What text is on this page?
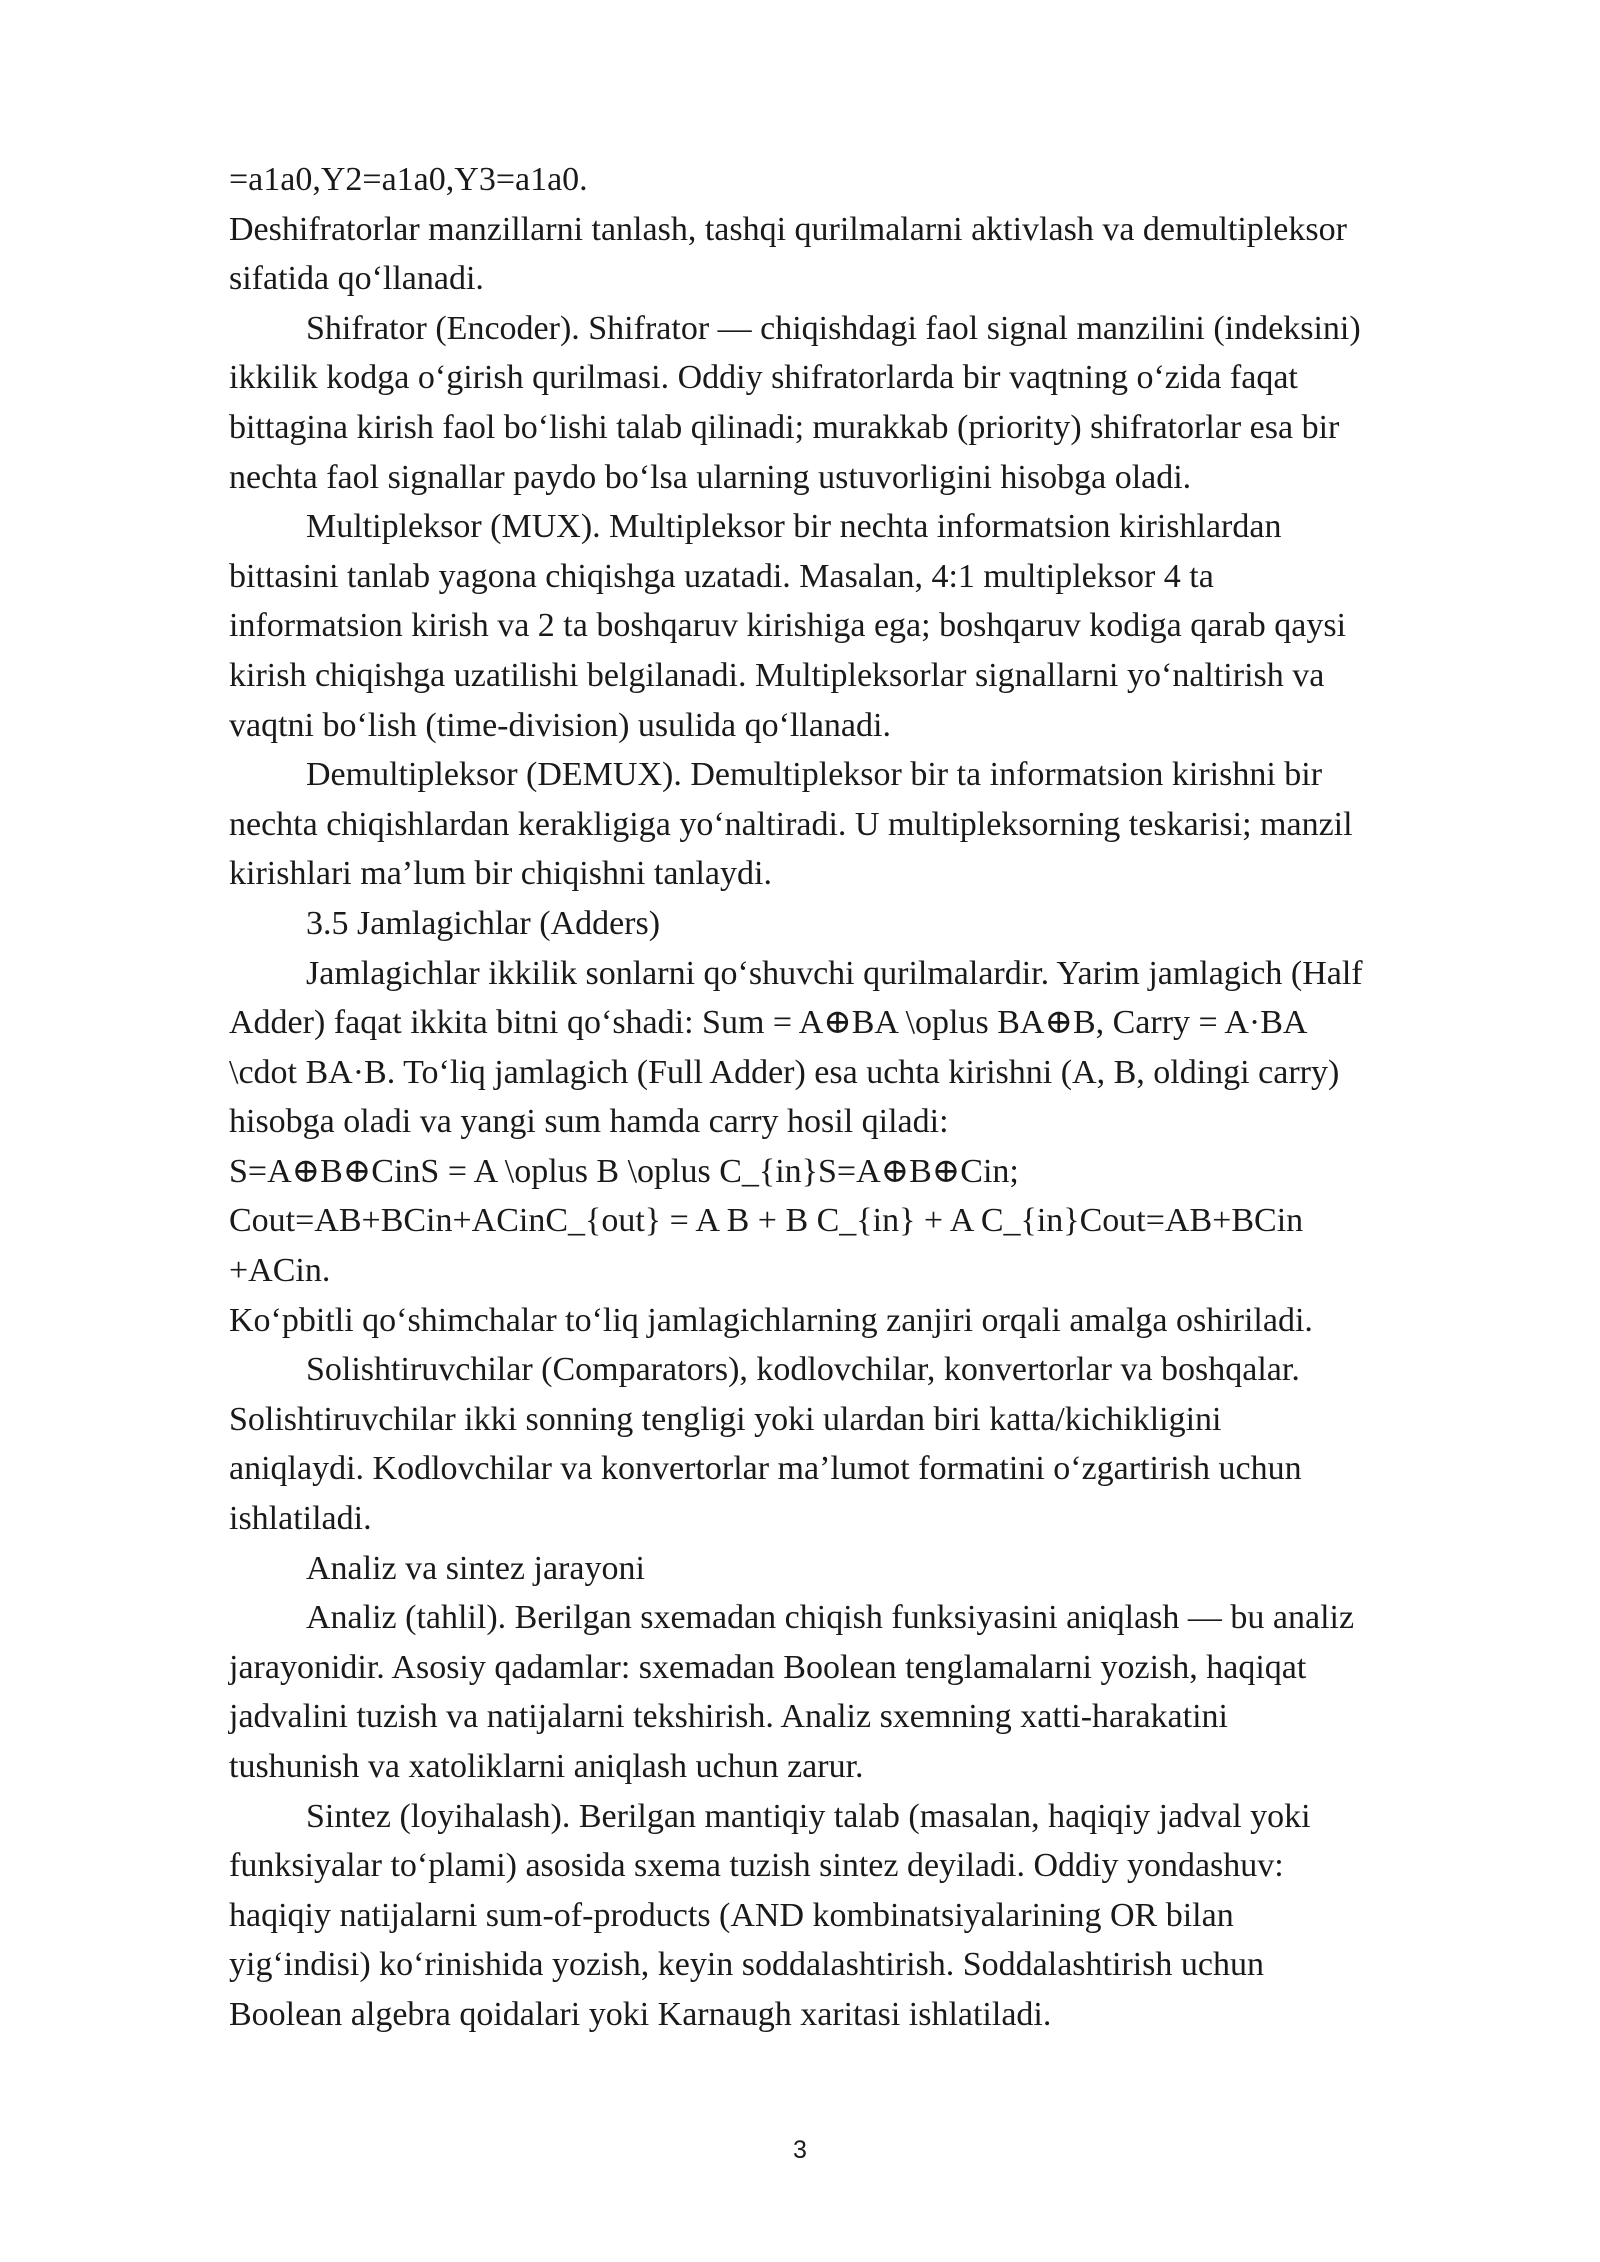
=a1a0,Y2=a1a0,Y3=a1a0.
Deshifratorlar manzillarni tanlash, tashqi qurilmalarni aktivlash va demultipleksor
sifatida qo‘llanadi.
Shifrator (Encoder). Shifrator — chiqishdagi faol signal manzilini (indeksini)
ikkilik kodga o‘girish qurilmasi. Oddiy shifratorlarda bir vaqtning o‘zida faqat
bittagina kirish faol bo‘lishi talab qilinadi; murakkab (priority) shifratorlar esa bir
nechta faol signallar paydo bo‘lsa ularning ustuvorligini hisobga oladi.
Multipleksor (MUX). Multipleksor bir nechta informatsion kirishlardan
bittasini tanlab yagona chiqishga uzatadi. Masalan, 4:1 multipleksor 4 ta
informatsion kirish va 2 ta boshqaruv kirishiga ega; boshqaruv kodiga qarab qaysi
kirish chiqishga uzatilishi belgilanadi. Multipleksorlar signallarni yo‘naltirish va
vaqtni bo‘lish (time-division) usulida qo‘llanadi.
Demultipleksor (DEMUX). Demultipleksor bir ta informatsion kirishni bir
nechta chiqishlardan kerakligiga yo‘naltiradi. U multipleksorning teskarisi; manzil
kirishlari ma’lum bir chiqishni tanlaydi.
3.5 Jamlagichlar (Adders)
Jamlagichlar ikkilik sonlarni qo‘shuvchi qurilmalardir. Yarim jamlagich (Half
Adder) faqat ikkita bitni qo‘shadi: Sum = A⊕BA \oplus BA⊕B, Carry = A·BA
\cdot BA·B. To‘liq jamlagich (Full Adder) esa uchta kirishni (A, B, oldingi carry)
hisobga oladi va yangi sum hamda carry hosil qiladi:
S=A⊕B⊕CinS = A \oplus B \oplus C_{in}S=A⊕B⊕Cin;
Cout=AB+BCin+ACinC_{out} = A B + B C_{in} + A C_{in}Cout=AB+BCin
+ACin.
Ko‘pbitli qo‘shimchalar to‘liq jamlagichlarning zanjiri orqali amalga oshiriladi.
Solishtiruvchilar (Comparators), kodlovchilar, konvertorlar va boshqalar.
Solishtiruvchilar ikki sonning tengligi yoki ulardan biri katta/kichikligini
aniqlaydi. Kodlovchilar va konvertorlar ma’lumot formatini o‘zgartirish uchun
ishlatiladi.
Analiz va sintez jarayoni
Analiz (tahlil). Berilgan sxemadan chiqish funksiyasini aniqlash — bu analiz
jarayonidir. Asosiy qadamlar: sxemadan Boolean tenglamalarni yozish, haqiqat
jadvalini tuzish va natijalarni tekshirish. Analiz sxemning xatti-harakatini
tushunish va xatoliklarni aniqlash uchun zarur.
Sintez (loyihalash). Berilgan mantiqiy talab (masalan, haqiqiy jadval yoki
funksiyalar to‘plami) asosida sxema tuzish sintez deyiladi. Oddiy yondashuv:
haqiqiy natijalarni sum-of-products (AND kombinatsiyalarining OR bilan
yig‘indisi) ko‘rinishida yozish, keyin soddalashtirish. Soddalashtirish uchun
Boolean algebra qoidalari yoki Karnaugh xaritasi ishlatiladi.
3
